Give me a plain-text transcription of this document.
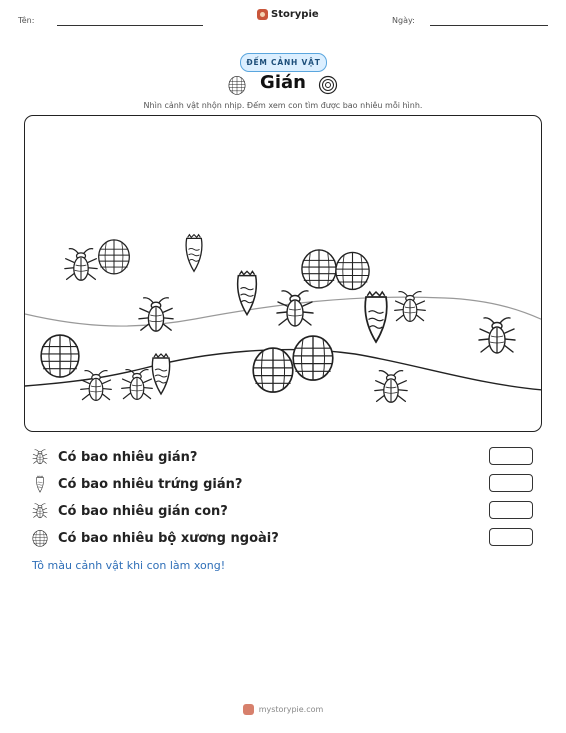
Tên:
Storypie
Ngày:
ĐẾM CẢNH VẬT
Gián
Nhìn cảnh vật nhộn nhịp. Đếm xem con tìm được bao nhiêu mỗi hình.
Có bao nhiêu gián?
Có bao nhiêu trứng gián?
Có bao nhiêu gián con?
Có bao nhiêu bộ xương ngoài?
Tô màu cảnh vật khi con làm xong!
mystorypie.com
